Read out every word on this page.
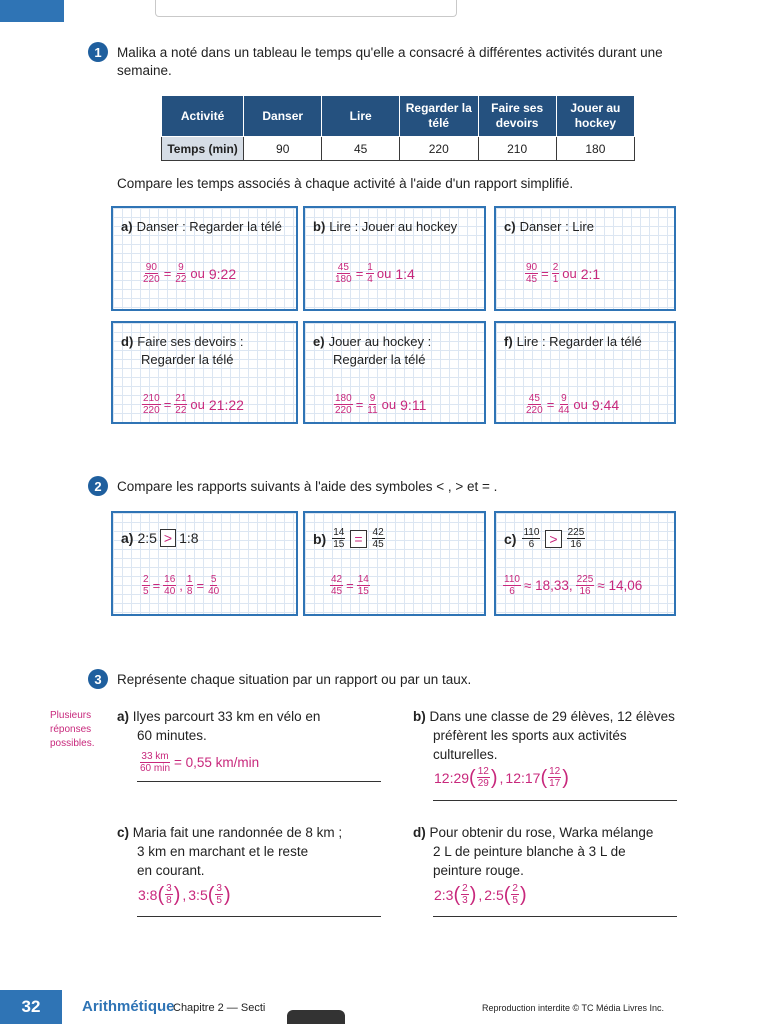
1	Malika a noté dans un tableau le temps qu'elle a consacré à différentes activités durant une semaine.
Activité	Danser	Lire	Regarder la télé	Faire ses devoirs	Jouer au hockey
Temps (min)	90	45	220	210	180
Compare les temps associés à chaque activité à l'aide d'un rapport simplifié.
a) Danser : Regarder la télé

$\frac{90}{220} = \frac{9}{22}$ ou 9:22
b) Lire : Jouer au hockey

$\frac{45}{180} = \frac{1}{4}$ ou 1:4
c) Danser : Lire

$\frac{90}{45} = \frac{2}{1}$ ou 2:1
d) Faire ses devoirs :
Regarder la télé
$\frac{210}{220} = \frac{21}{22}$ ou 21:22
e) Jouer au hockey :
Regarder la télé
$\frac{180}{220} = \frac{9}{11}$ ou 9:11
f) Lire : Regarder la télé

$\frac{45}{220} = \frac{9}{44}$ ou 9:44
2	Compare les rapports suivants à l'aide des symboles < , > et = .
a) 2:5 > 1:8
$\frac{2}{5} = \frac{16}{40}$ , $\frac{1}{8} = \frac{5}{40}$
$b) \frac{14}{15} = \frac{42}{45}$
$\frac{42}{45} = \frac{14}{15}$
$c) \frac{110}{6} > \frac{225}{16}$
$\frac{110}{6} \approx 18,33$, $\frac{225}{16} \approx 14,06$
3	Représente chaque situation par un rapport ou par un taux.
Plusieurs
réponses
possibles.
a) Ilyes parcourt 33 km en vélo en
60 minutes.
$\frac{33 km}{60 \min} = 0,55$ km/min
b) Dans une classe de 29 élèves, 12 élèves
préfèrent les sports aux activités
culturelles.
12:29 ( $\frac{12}{29}$ ) , 12:17 ( $\frac{12}{17}$ )
c) Maria fait une randonnée de 8 km ;
3 km en marchant et le reste
en courant.
3:8 ( $\frac{3}{8}$ ) , 3:5 ( $\frac{3}{5}$ )
d) Pour obtenir du rose, Warka mélange
2 L de peinture blanche à 3 L de
peinture rouge.
2:3 ( $\frac{2}{3}$ ) , 2:5 ( $\frac{2}{5}$ )
32	Arithmétique
Chapitre 2 — Secti	Reproduction interdite © TC Média Livres Inc.
